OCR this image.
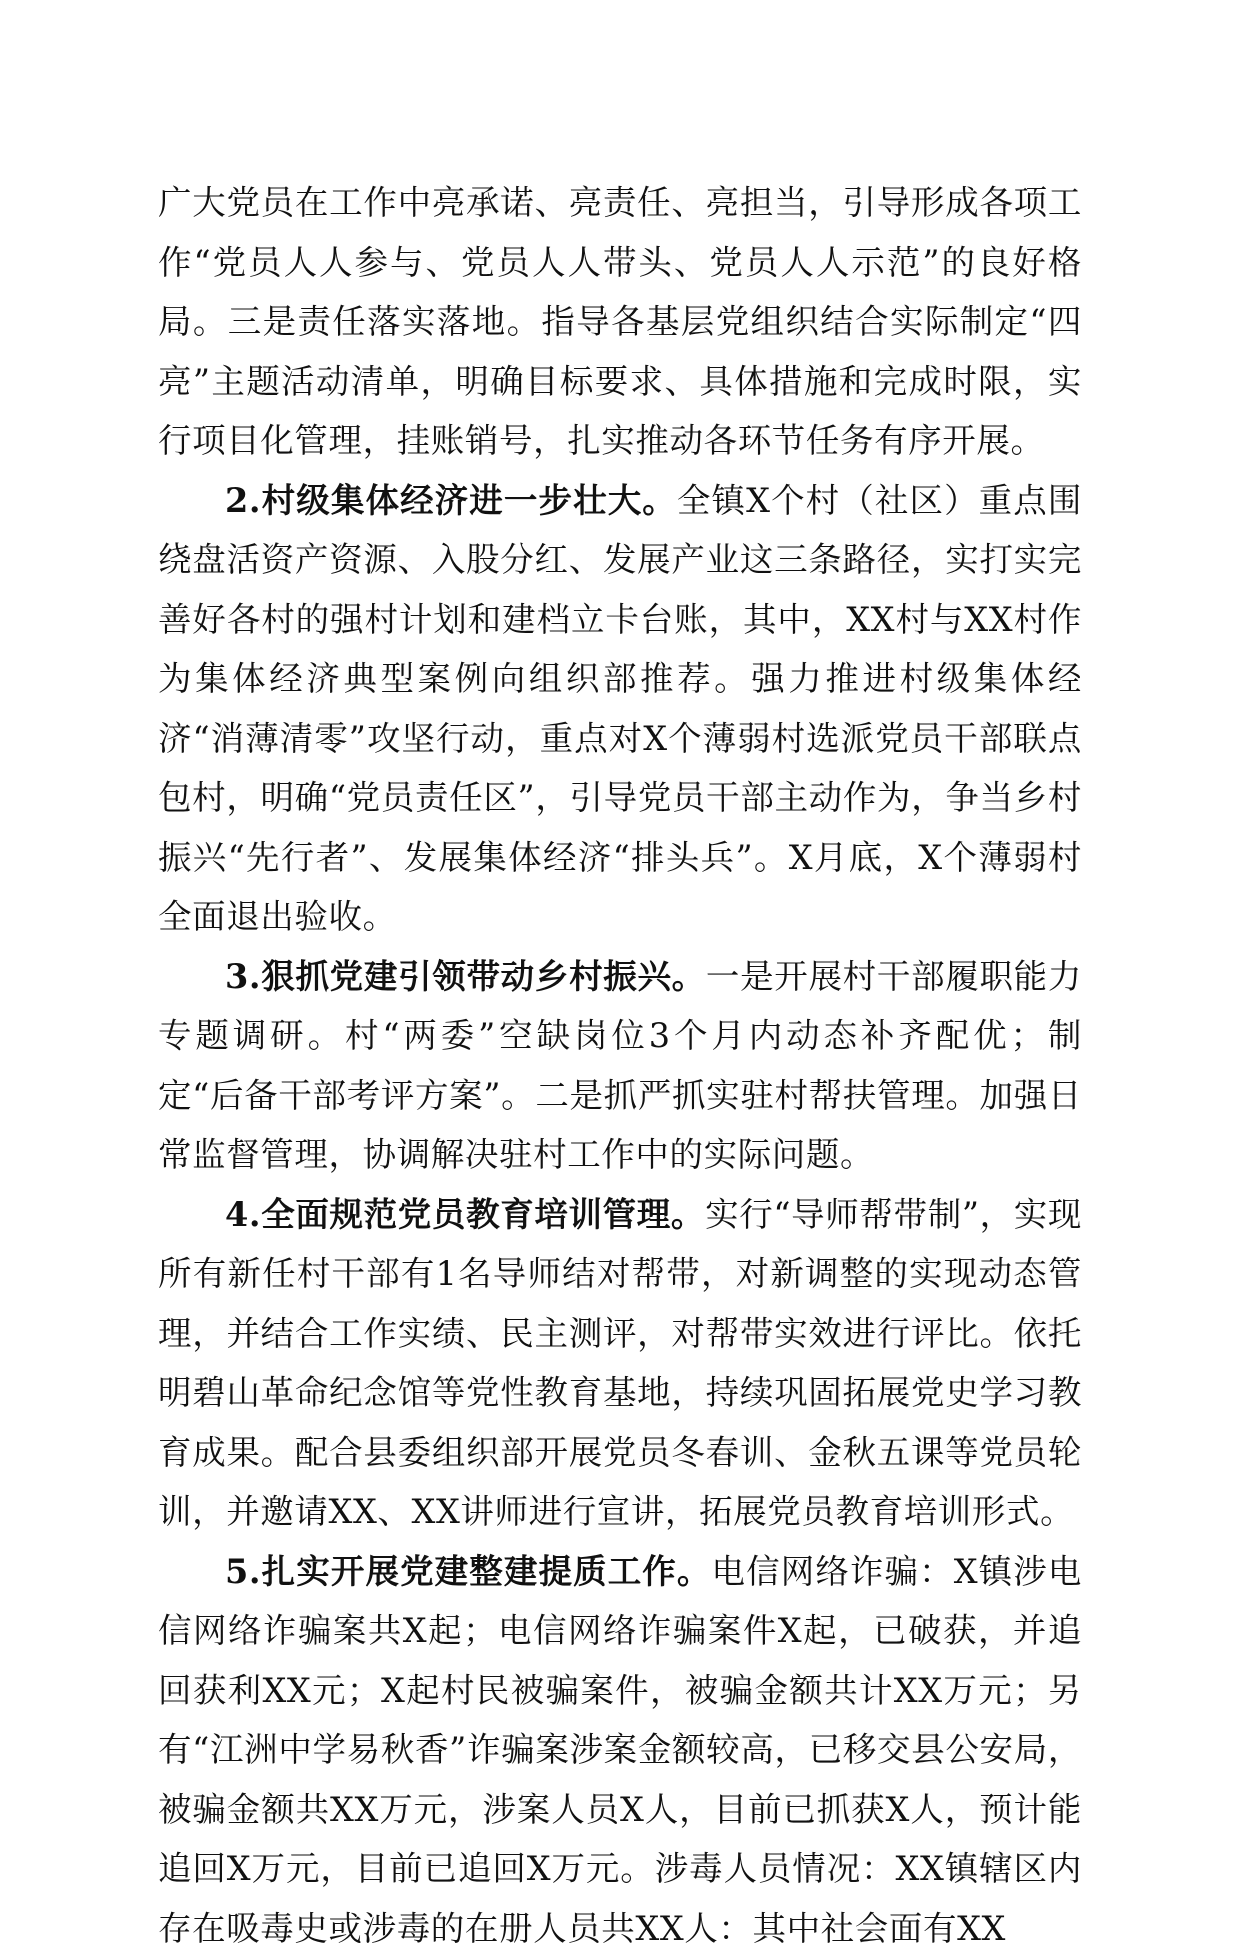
广大党员在工作中亮承诺、亮责任、亮担当，引导形成各项工作“党员人人参与、党员人人带头、党员人人示范”的良好格局。三是责任落实落地。指导各基层党组织结合实际制定“四亮”主题活动清单，明确目标要求、具体措施和完成时限，实行项目化管理，挂账销号，扎实推动各环节任务有序开展。

2.村级集体经济进一步壮大。全镇X个村（社区）重点围绕盘活资产资源、入股分红、发展产业这三条路径，实打实完善好各村的强村计划和建档立卡台账，其中，XX村与XX村作为集体经济典型案例向组织部推荐。强力推进村级集体经济“消薄清零”攻坚行动，重点对X个薄弱村选派党员干部联点包村，明确“党员责任区”，引导党员干部主动作为，争当乡村振兴“先行者”、发展集体经济“排头兵”。X月底，X个薄弱村全面退出验收。

3.狠抓党建引领带动乡村振兴。一是开展村干部履职能力专题调研。村“两委”空缺岗位3个月内动态补齐配优；制定“后备干部考评方案”。二是抓严抓实驻村帮扶管理。加强日常监督管理，协调解决驻村工作中的实际问题。

4.全面规范党员教育培训管理。实行“导师帮带制”，实现所有新任村干部有1名导师结对帮带，对新调整的实现动态管理，并结合工作实绩、民主测评，对帮带实效进行评比。依托明碧山革命纪念馆等党性教育基地，持续巩固拓展党史学习教育成果。配合县委组织部开展党员冬春训、金秋五课等党员轮训，并邀请XX、XX讲师进行宣讲，拓展党员教育培训形式。

5.扎实开展党建整建提质工作。电信网络诈骗：X镇涉电信网络诈骗案共X起；电信网络诈骗案件X起，已破获，并追回获利XX元；X起村民被骗案件，被骗金额共计XX万元；另有“江洲中学易秋香”诈骗案涉案金额较高，已移交县公安局，被骗金额共XX万元，涉案人员X人，目前已抓获X人，预计能追回X万元，目前已追回X万元。涉毒人员情况：XX镇辖区内存在吸毒史或涉毒的在册人员共XX人：其中社会面有XX
